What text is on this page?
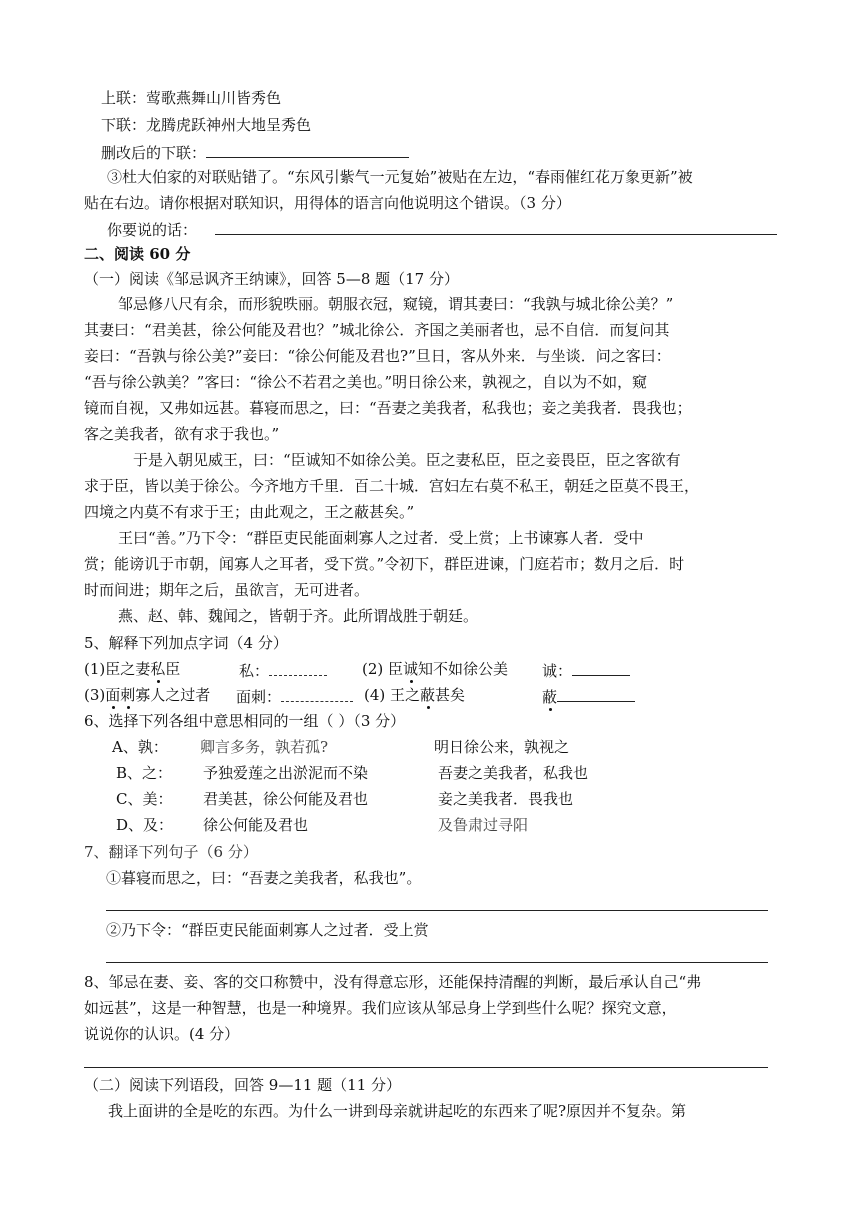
上联：莺歌燕舞山川皆秀色
下联：龙腾虎跃神州大地呈秀色
删改后的下联：
③杜大伯家的对联贴错了。“东风引紫气一元复始”被贴在左边，“春雨催红花万象更新”被
贴在右边。请你根据对联知识，用得体的语言向他说明这个错误。（3 分）
你要说的话：
二、阅读 60 分
（一）阅读《邹忌讽齐王纳谏》，回答 5—8 题（17 分）
邹忌修八尺有余，而形貌昳丽。朝服衣冠，窥镜，谓其妻曰：“我孰与城北徐公美？”
其妻曰：“君美甚，徐公何能及君也？”城北徐公．齐国之美丽者也，忌不自信．而复问其
妾曰：“吾孰与徐公美?”妾曰：“徐公何能及君也?”旦日，客从外来．与坐谈．问之客曰：
“吾与徐公孰美？”客曰：“徐公不若君之美也。”明日徐公来，孰视之，自以为不如，窥
镜而自视，又弗如远甚。暮寝而思之，曰：“吾妻之美我者，私我也；妾之美我者．畏我也；
客之美我者，欲有求于我也。”
于是入朝见威王，曰：“臣诚知不如徐公美。臣之妻私臣，臣之妾畏臣，臣之客欲有
求于臣，皆以美于徐公。今齐地方千里．百二十城．宫妇左右莫不私王，朝廷之臣莫不畏王，
四境之内莫不有求于王；由此观之，王之蔽甚矣。”
王曰“善。”乃下令：“群臣吏民能面刺寡人之过者．受上赏；上书谏寡人者．受中
赏；能谤讥于市朝，闻寡人之耳者，受下赏。”令初下，群臣进谏，门庭若市；数月之后．时
时而间进；期年之后，虽欲言，无可进者。
燕、赵、韩、魏闻之，皆朝于齐。此所谓战胜于朝廷。
5、解释下列加点字词（4 分）
(1)臣之妻私臣	私：	(2) 臣诚知不如徐公美 诚：
(3)面刺寡人之过者 面刺：	(4) 王之蔽甚矣	蔽
6、选择下列各组中意思相同的一组（ ）（3 分）
A、孰： 卿言多务，孰若孤?	明日徐公来，孰视之
B、之： 予独爱莲之出淤泥而不染	吾妻之美我者，私我也
C、美： 君美甚，徐公何能及君也	妾之美我者．畏我也
D、及： 徐公何能及君也	及鲁肃过寻阳
7、翻译下列句子（6 分）
①暮寝而思之，曰：“吾妻之美我者，私我也”。
②乃下令：“群臣吏民能面刺寡人之过者．受上赏
8、邹忌在妻、妾、客的交口称赞中，没有得意忘形，还能保持清醒的判断，最后承认自己“弗
如远甚”，这是一种智慧，也是一种境界。我们应该从邹忌身上学到些什么呢？探究文意，
说说你的认识。(4 分）
（二）阅读下列语段，回答 9—11 题（11 分）
我上面讲的全是吃的东西。为什么一讲到母亲就讲起吃的东西来了呢?原因并不复杂。第
